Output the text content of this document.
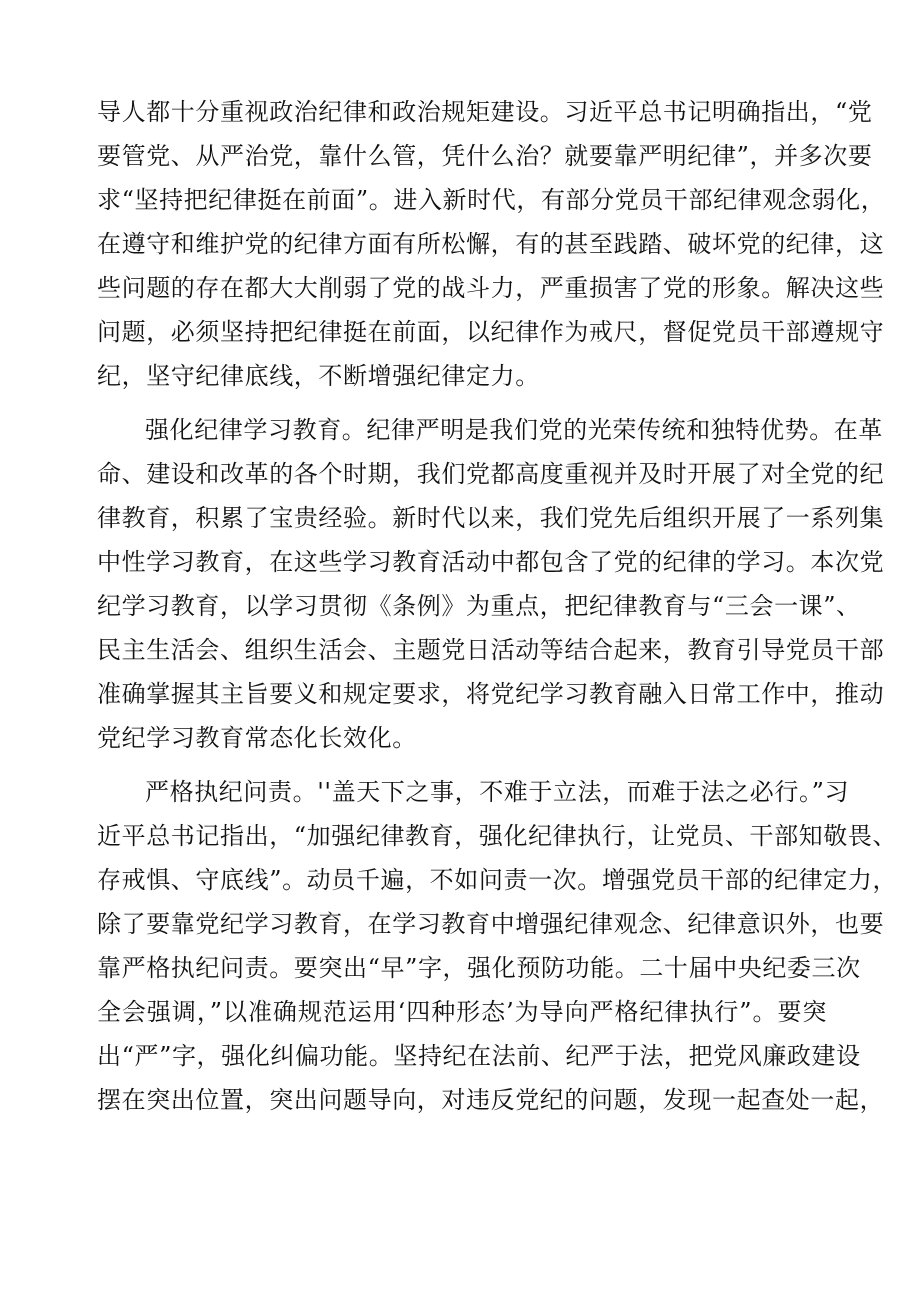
导人都十分重视政治纪律和政治规矩建设。习近平总书记明确指出，“党
要管党、从严治党，靠什么管，凭什么治？就要靠严明纪律”，并多次要
求“坚持把纪律挺在前面”。进入新时代，有部分党员干部纪律观念弱化，
在遵守和维护党的纪律方面有所松懈，有的甚至践踏、破坏党的纪律，这
些问题的存在都大大削弱了党的战斗力，严重损害了党的形象。解决这些
问题，必须坚持把纪律挺在前面，以纪律作为戒尺，督促党员干部遵规守
纪，坚守纪律底线，不断增强纪律定力。
强化纪律学习教育。纪律严明是我们党的光荣传统和独特优势。在革
命、建设和改革的各个时期，我们党都高度重视并及时开展了对全党的纪
律教育，积累了宝贵经验。新时代以来，我们党先后组织开展了一系列集
中性学习教育，在这些学习教育活动中都包含了党的纪律的学习。本次党
纪学习教育，以学习贯彻《条例》为重点，把纪律教育与“三会一课”、
民主生活会、组织生活会、主题党日活动等结合起来，教育引导党员干部
准确掌握其主旨要义和规定要求，将党纪学习教育融入日常工作中，推动
党纪学习教育常态化长效化。
严格执纪问责。''盖天下之事，不难于立法，而难于法之必行。”习
近平总书记指出，“加强纪律教育，强化纪律执行，让党员、干部知敬畏、
存戒惧、守底线”。动员千遍，不如问责一次。增强党员干部的纪律定力，
除了要靠党纪学习教育，在学习教育中增强纪律观念、纪律意识外，也要
靠严格执纪问责。要突出“早”字，强化预防功能。二十届中央纪委三次
全会强调，”以准确规范运用‘四种形态’为导向严格纪律执行”。要突
出“严”字，强化纠偏功能。坚持纪在法前、纪严于法，把党风廉政建设
摆在突出位置，突出问题导向，对违反党纪的问题，发现一起查处一起，
